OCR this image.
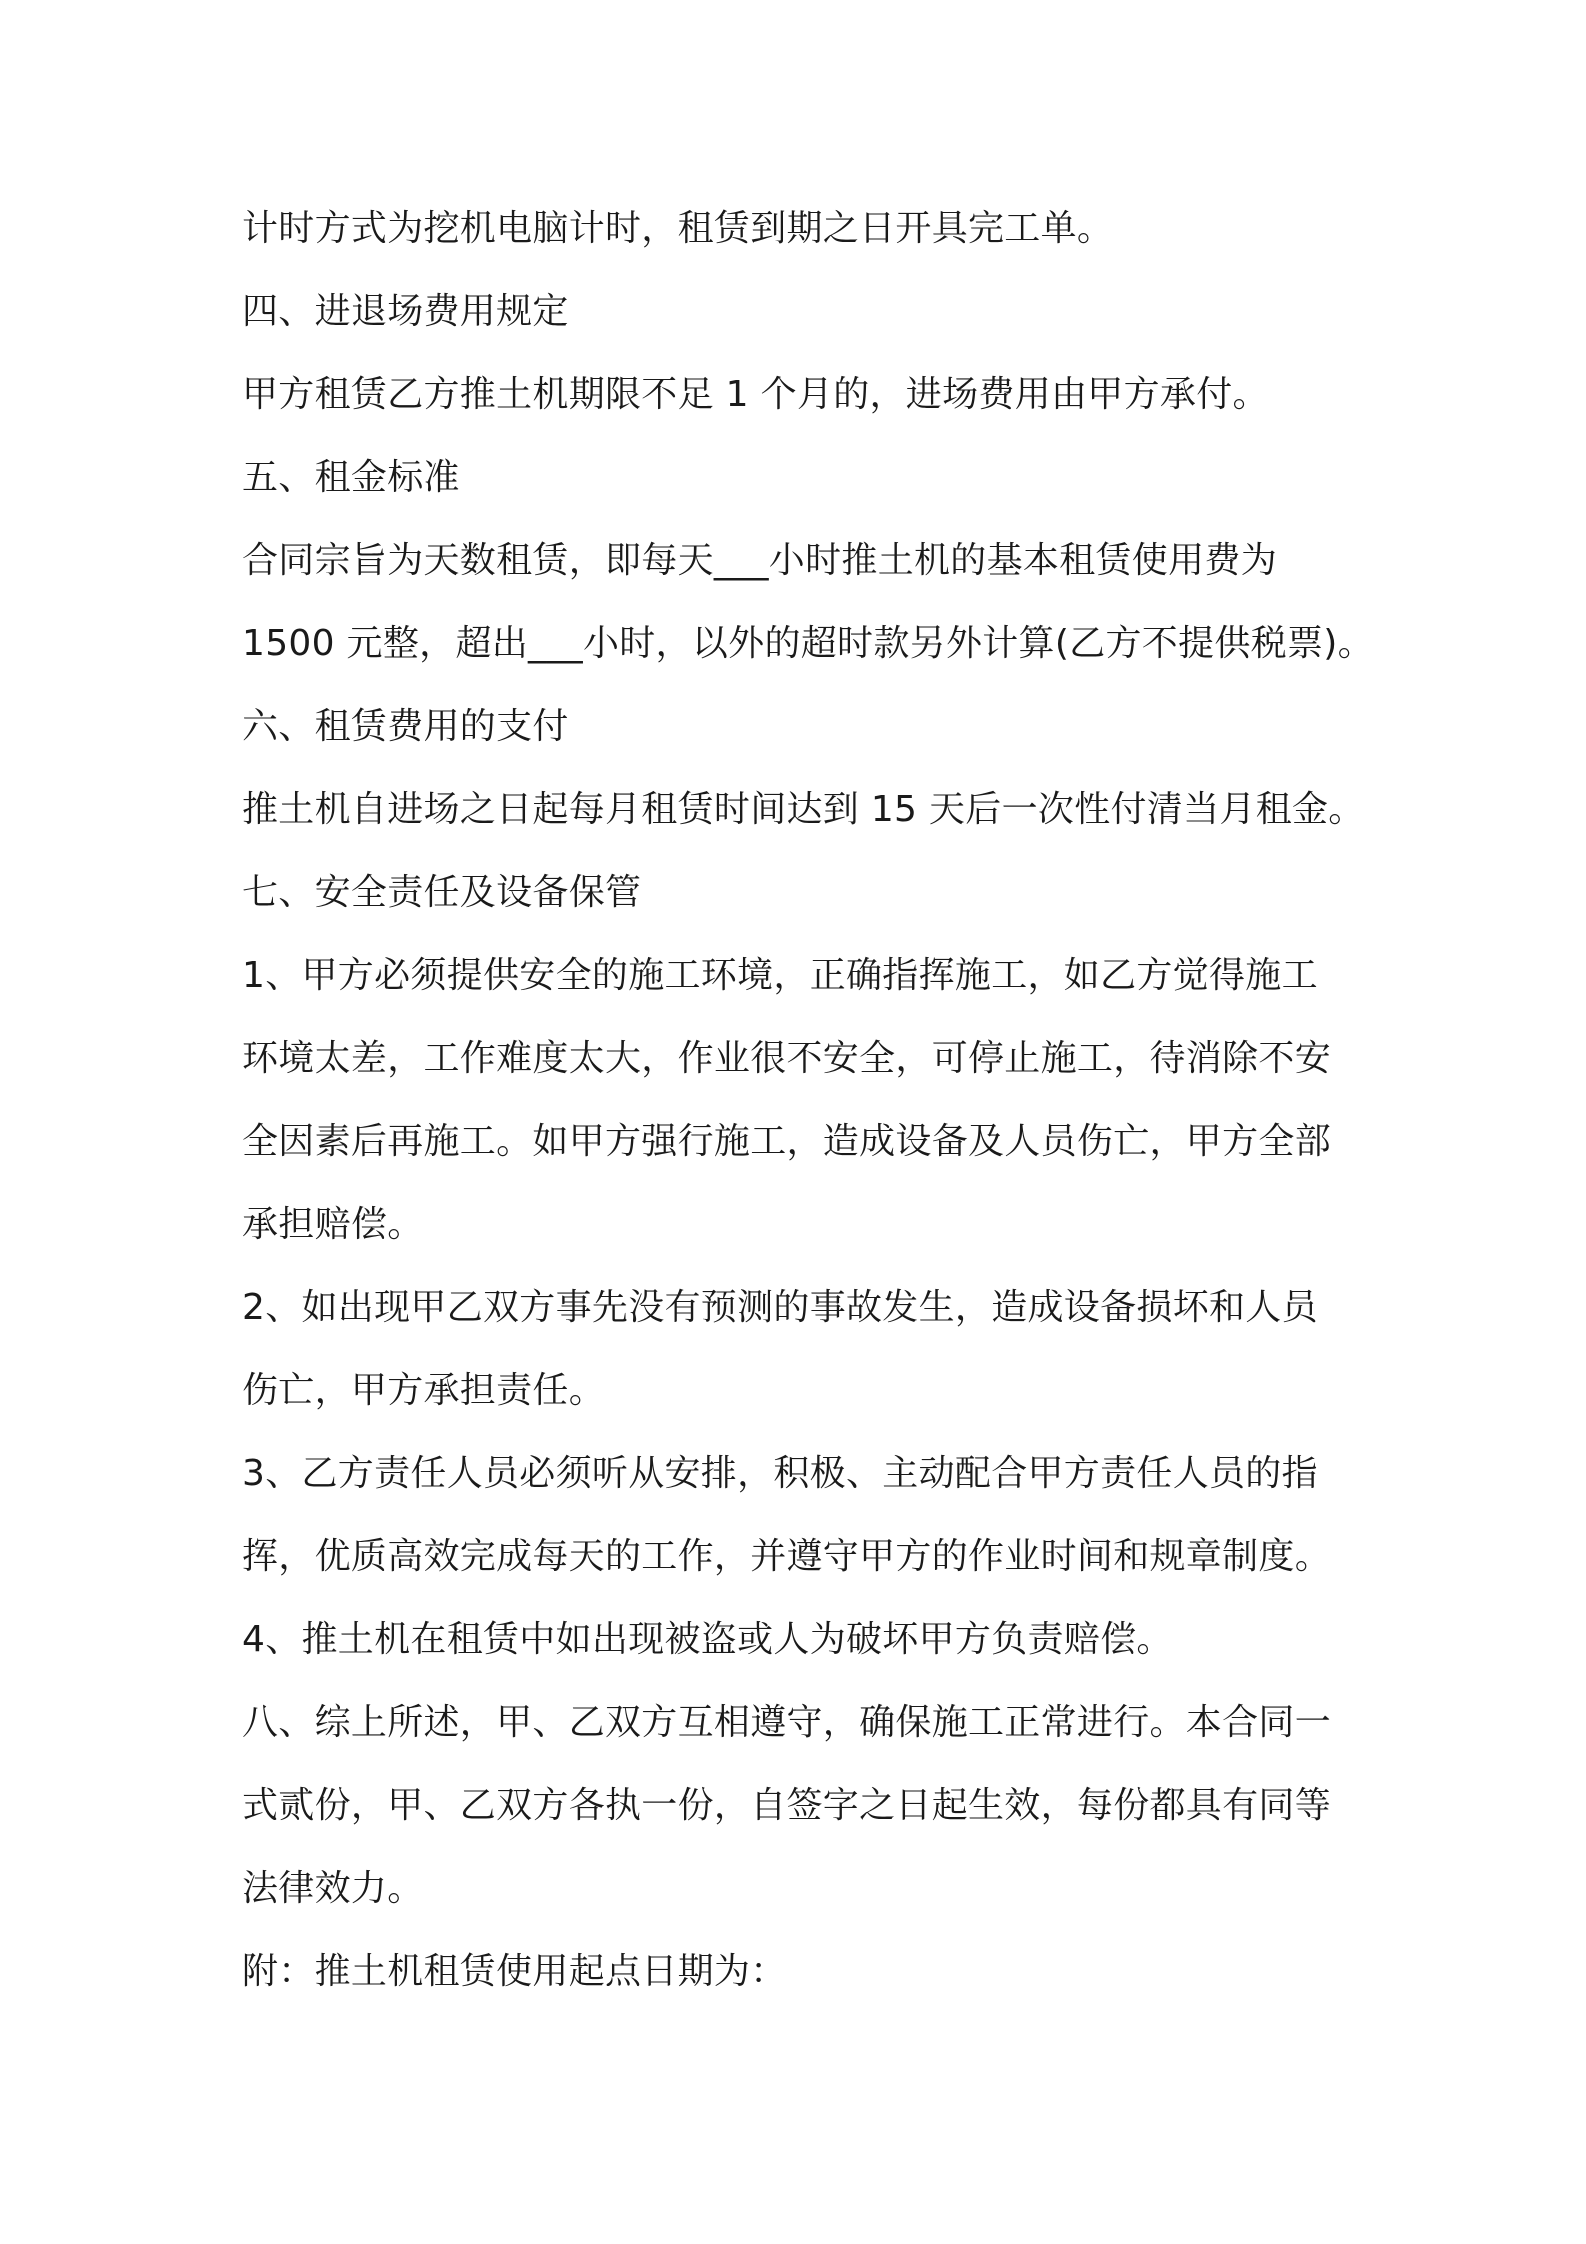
计时方式为挖机电脑计时，租赁到期之日开具完工单。

四、进退场费用规定

甲方租赁乙方推土机期限不足 1 个月的，进场费用由甲方承付。

五、租金标准

合同宗旨为天数租赁，即每天___小时推土机的基本租赁使用费为

1500 元整，超出___小时，以外的超时款另外计算(乙方不提供税票)。

六、租赁费用的支付

推土机自进场之日起每月租赁时间达到 15 天后一次性付清当月租金。

七、安全责任及设备保管

1、甲方必须提供安全的施工环境，正确指挥施工，如乙方觉得施工

环境太差，工作难度太大，作业很不安全，可停止施工，待消除不安

全因素后再施工。如甲方强行施工，造成设备及人员伤亡，甲方全部

承担赔偿。

2、如出现甲乙双方事先没有预测的事故发生，造成设备损坏和人员

伤亡，甲方承担责任。

3、乙方责任人员必须听从安排，积极、主动配合甲方责任人员的指

挥，优质高效完成每天的工作，并遵守甲方的作业时间和规章制度。

4、推土机在租赁中如出现被盗或人为破坏甲方负责赔偿。

八、综上所述，甲、乙双方互相遵守，确保施工正常进行。本合同一

式贰份，甲、乙双方各执一份，自签字之日起生效，每份都具有同等

法律效力。

附：推土机租赁使用起点日期为：
